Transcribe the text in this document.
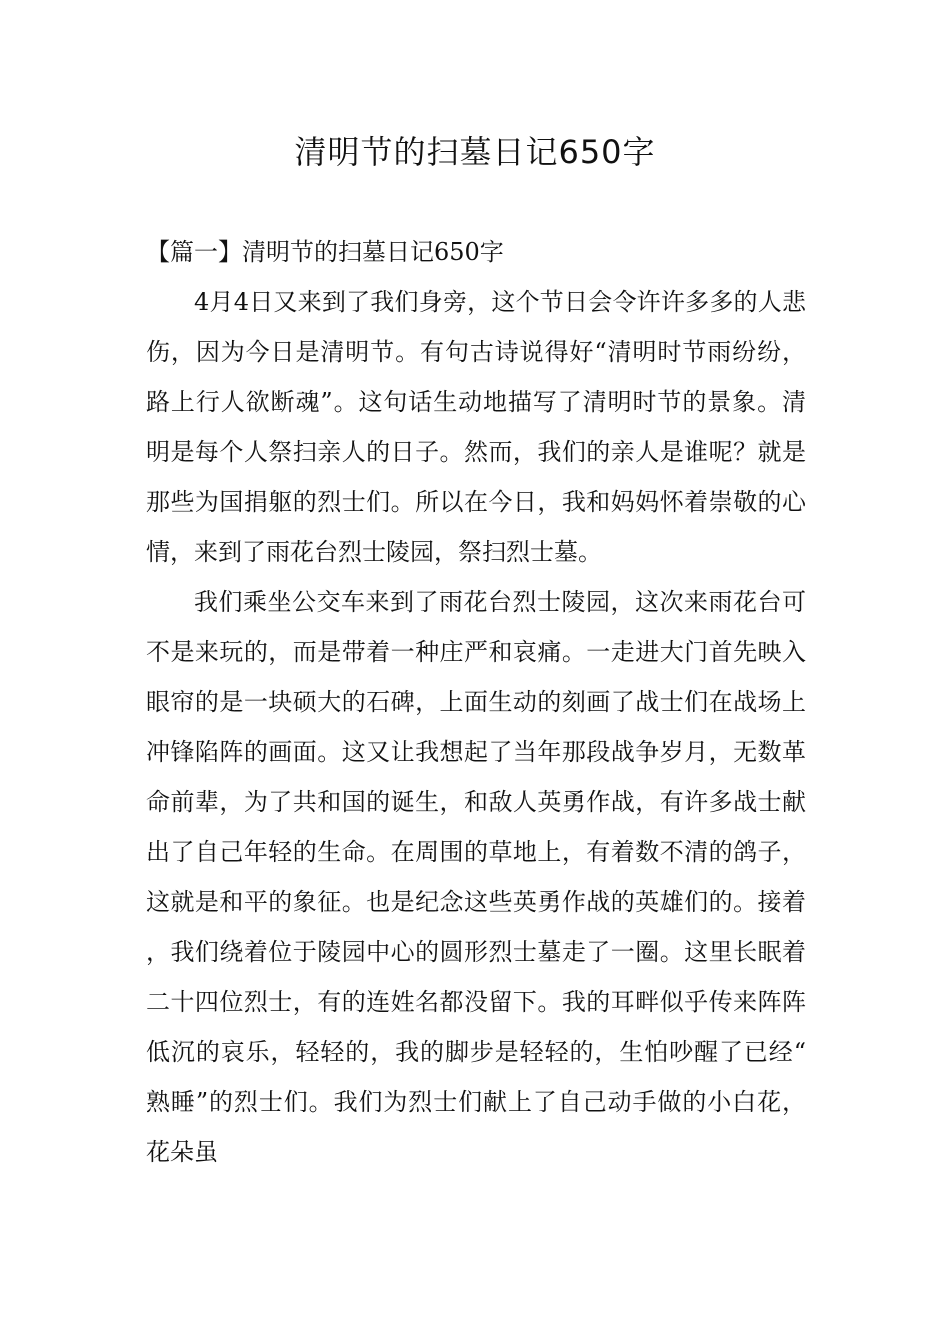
清明节的扫墓日记650字

【篇一】清明节的扫墓日记650字

4月4日又来到了我们身旁，这个节日会令许许多多的人悲伤，因为今日是清明节。有句古诗说得好“清明时节雨纷纷，路上行人欲断魂”。这句话生动地描写了清明时节的景象。清明是每个人祭扫亲人的日子。然而，我们的亲人是谁呢？就是那些为国捐躯的烈士们。所以在今日，我和妈妈怀着崇敬的心情，来到了雨花台烈士陵园，祭扫烈士墓。

我们乘坐公交车来到了雨花台烈士陵园，这次来雨花台可不是来玩的，而是带着一种庄严和哀痛。一走进大门首先映入眼帘的是一块硕大的石碑，上面生动的刻画了战士们在战场上冲锋陷阵的画面。这又让我想起了当年那段战争岁月，无数革命前辈，为了共和国的诞生，和敌人英勇作战，有许多战士献出了自己年轻的生命。在周围的草地上，有着数不清的鸽子，这就是和平的象征。也是纪念这些英勇作战的英雄们的。接着，我们绕着位于陵园中心的圆形烈士墓走了一圈。这里长眠着二十四位烈士，有的连姓名都没留下。我的耳畔似乎传来阵阵低沉的哀乐，轻轻的，我的脚步是轻轻的，生怕吵醒了已经“熟睡”的烈士们。我们为烈士们献上了自己动手做的小白花，花朵虽
